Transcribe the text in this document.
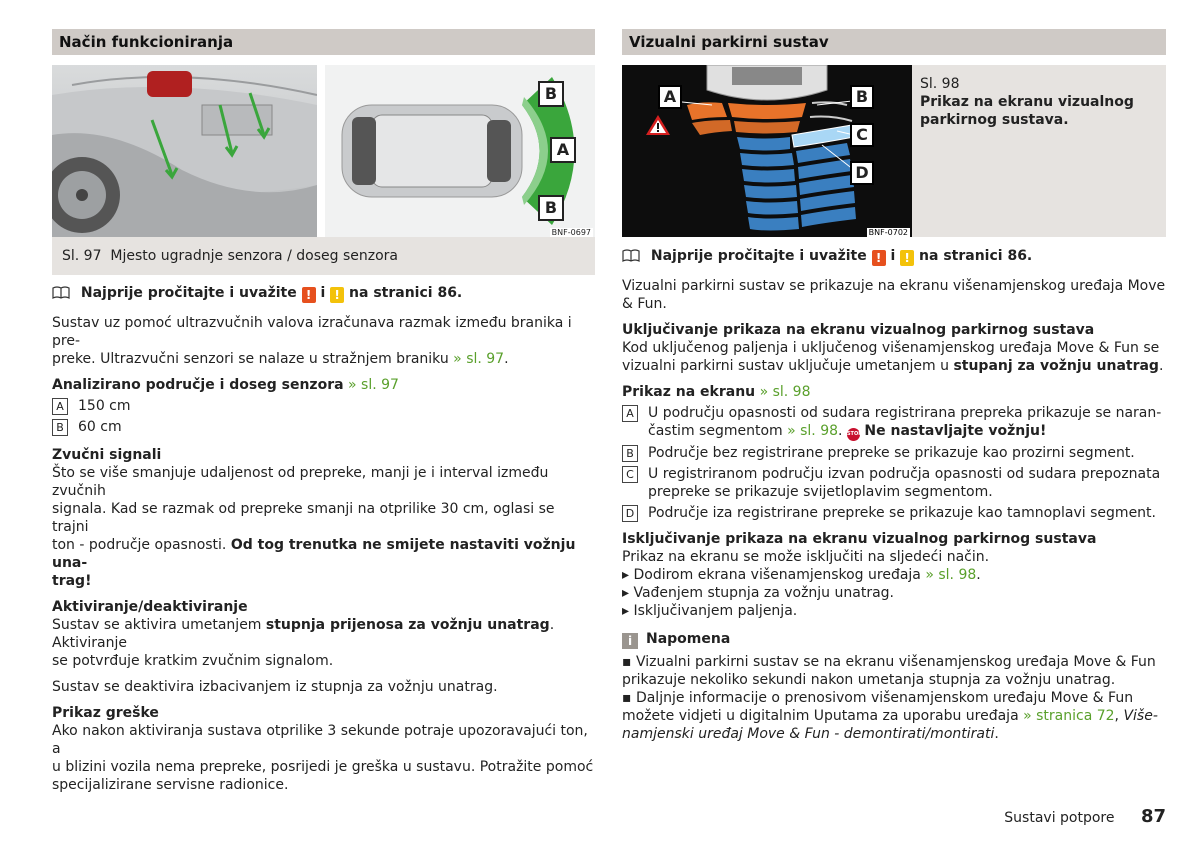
Način funkcioniranja
B
A
B
BNF-0697
Sl. 97 Mjesto ugradnje senzora / doseg senzora

Najprije pročitajte i uvažite ! i ! na stranici 86.

Sustav uz pomoć ultrazvučnih valova izračunava razmak između branika i pre-

preke. Ultrazvučni senzori se nalaze u stražnjem braniku » sl. 97.

Analizirano područje i doseg senzora » sl. 97

A	150 cm

B	60 cm

Zvučni signali

Što se više smanjuje udaljenost od prepreke, manji je i interval između zvučnih

signala. Kad se razmak od prepreke smanji na otprilike 30 cm, oglasi se trajni

ton - područje opasnosti. Od tog trenutka ne smijete nastaviti vožnju una-

trag!

Aktiviranje/deaktiviranje

Sustav se aktivira umetanjem stupnja prijenosa za vožnju unatrag. Aktiviranje

se potvrđuje kratkim zvučnim signalom.

Sustav se deaktivira izbacivanjem iz stupnja za vožnju unatrag.

Prikaz greške

Ako nakon aktiviranja sustava otprilike 3 sekunde potraje upozoravajući ton, a

u blizini vozila nema prepreke, posrijedi je greška u sustavu. Potražite pomoć

specijalizirane servisne radionice.

Vizualni parkirni sustav
A	B
C
D
BNF-0702

Sl. 98

Prikaz na ekranu vizualnog

parkirnog sustava.

Najprije pročitajte i uvažite ! i ! na stranici 86.

Vizualni parkirni sustav se prikazuje na ekranu višenamjenskog uređaja Move

& Fun.

Uključivanje prikaza na ekranu vizualnog parkirnog sustava

Kod uključenog paljenja i uključenog višenamjenskog uređaja Move & Fun se

vizualni parkirni sustav uključuje umetanjem u stupanj za vožnju unatrag.

Prikaz na ekranu » sl. 98

A	U području opasnosti od sudara registrirana prepreka prikazuje se naran-

častim segmentom » sl. 98. STOP Ne nastavljajte vožnju!

B	Područje bez registrirane prepreke se prikazuje kao prozirni segment.

C U registriranom području izvan područja opasnosti od sudara prepoznata

prepreke se prikazuje svijetloplavim segmentom.

D Područje iza registrirane prepreke se prikazuje kao tamnoplavi segment.

Isključivanje prikaza na ekranu vizualnog parkirnog sustava

Prikaz na ekranu se može isključiti na sljedeći način.

▸ Dodirom ekrana višenamjenskog uređaja » sl. 98.

▸ Vađenjem stupnja za vožnju unatrag.

▸ Isključivanjem paljenja.

i Napomena

▪ Vizualni parkirni sustav se na ekranu višenamjenskog uređaja Move & Fun

prikazuje nekoliko sekundi nakon umetanja stupnja za vožnju unatrag.

▪ Daljnje informacije o prenosivom višenamjenskom uređaju Move & Fun

možete vidjeti u digitalnim Uputama za uporabu uređaja » stranica 72, Više-

namjenski uređaj Move & Fun - demontirati/montirati.

Sustavi potpore 87
